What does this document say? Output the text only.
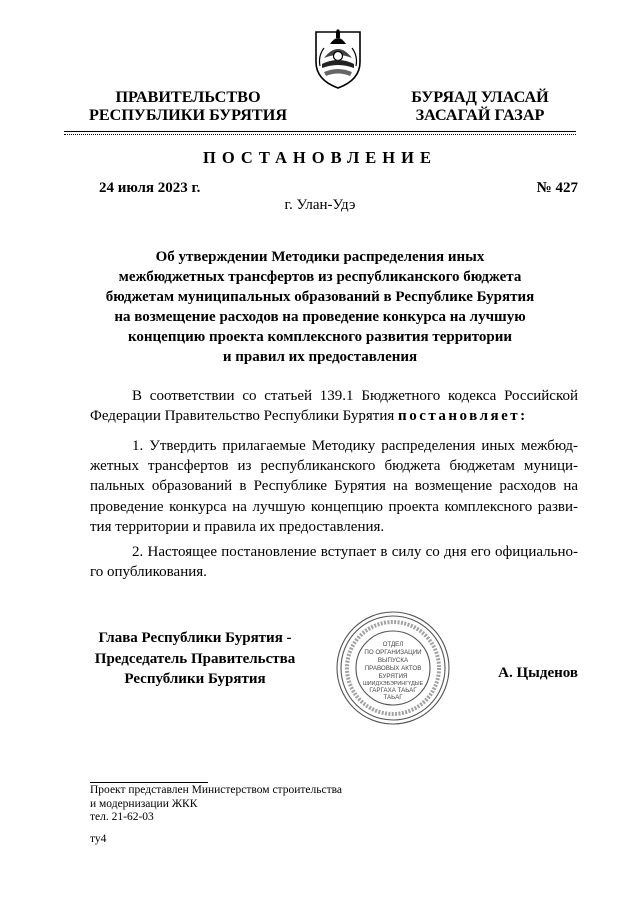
ПРАВИТЕЛЬСТВО
РЕСПУБЛИКИ БУРЯТИЯ
БУРЯАД УЛАСАЙ
ЗАСАГАЙ ГАЗАР
ПОСТАНОВЛЕНИЕ
24 июля 2023 г.	№ 427
г. Улан-Удэ
Об утверждении Методики распределения иных
межбюджетных трансфертов из республиканского бюджета
бюджетам муниципальных образований в Республике Бурятия
на возмещение расходов на проведение конкурса на лучшую
концепцию проекта комплексного развития территории
и правил их предоставления
В соответствии со статьей 139.1 Бюджетного кодекса Российской
Федерации Правительство Республики Бурятия постановляет:
1. Утвердить прилагаемые Методику распределения иных межбюд-
жетных трансфертов из республиканского бюджета бюджетам муници-
пальных образований в Республике Бурятия на возмещение расходов на
проведение конкурса на лучшую концепцию проекта комплексного разви-
тия территории и правила их предоставления.
2. Настоящее постановление вступает в силу со дня его официально-
го опубликования.
Глава Республики Бурятия -
Председатель Правительства
Республики Бурятия
ОТДЕЛ
ПО ОРГАНИЗАЦИИ
ВЫПУСКА
ПРАВОВЫХ АКТОВ
БУРЯТИЯ
ШИИДХЭБЭРИНГҮДЫЕ
ГАРГАХА ТАЬАГ
ТАЬАГ
А. Цыденов
Проект представлен Министерством строительства
и модернизации ЖКК
тел. 21-62-03
ту4
